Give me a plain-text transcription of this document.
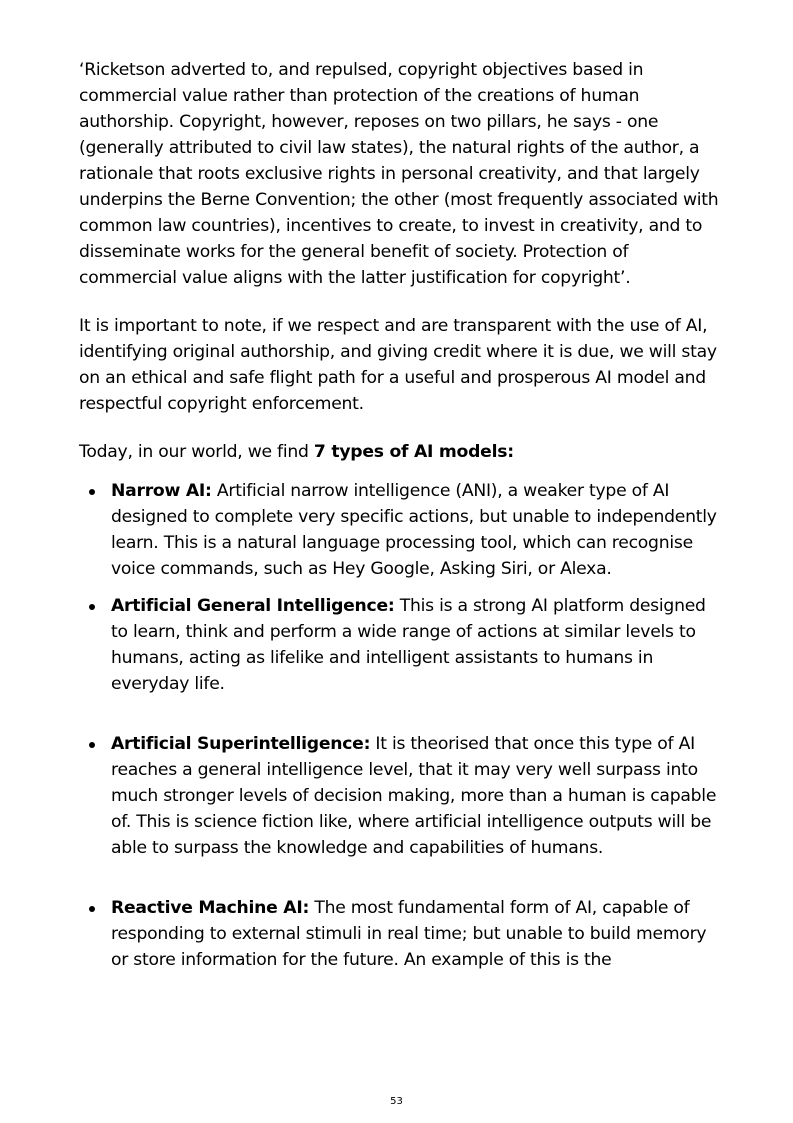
‘Ricketson adverted to, and repulsed, copyright objectives based in commercial value rather than protection of the creations of human authorship. Copyright, however, reposes on two pillars, he says - one (generally attributed to civil law states), the natural rights of the author, a rationale that roots exclusive rights in personal creativity, and that largely underpins the Berne Convention; the other (most frequently associated with common law countries), incentives to create, to invest in creativity, and to disseminate works for the general benefit of society. Protection of commercial value aligns with the latter justification for copyright’.

It is important to note, if we respect and are transparent with the use of AI, identifying original authorship, and giving credit where it is due, we will stay on an ethical and safe flight path for a useful and prosperous AI model and respectful copyright enforcement.

Today, in our world, we find 7 types of AI models:

Narrow AI: Artificial narrow intelligence (ANI), a weaker type of AI designed to complete very specific actions, but unable to independently learn. This is a natural language processing tool, which can recognise voice commands, such as Hey Google, Asking Siri, or Alexa.
Artificial General Intelligence: This is a strong AI platform designed to learn, think and perform a wide range of actions at similar levels to humans, acting as lifelike and intelligent assistants to humans in everyday life.
Artificial Superintelligence: It is theorised that once this type of AI reaches a general intelligence level, that it may very well surpass into much stronger levels of decision making, more than a human is capable of. This is science fiction like, where artificial intelligence outputs will be able to surpass the knowledge and capabilities of humans.
Reactive Machine AI: The most fundamental form of AI, capable of responding to external stimuli in real time; but unable to build memory or store information for the future. An example of this is the
53
